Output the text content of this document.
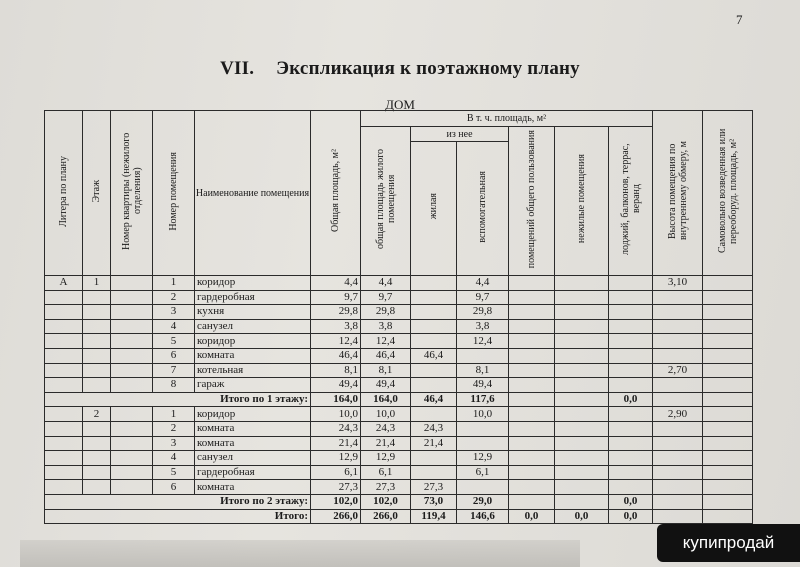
7
VII. Экспликация к поэтажному плану
ДОМ
Литера по плану	Этаж	Номер квартиры (нежилого отделения)	Номер помещения	Наименование помещения	Общая площадь, м²	В т. ч. площадь, м²						Высота помещения по внутреннему обмеру, м	Самовольно возведенная или переоборуд. площадь, м²
						общая площадь жилого помещения	из нее		помещений общего пользования	нежилые помещения	лоджий, балконов, террас, веранд		
							жилая	вспомогательная					
А	1		1	коридор	4,4	4,4		4,4				3,10	
			2	гардеробная	9,7	9,7		9,7					
			3	кухня	29,8	29,8		29,8					
			4	санузел	3,8	3,8		3,8					
			5	коридор	12,4	12,4		12,4					
			6	комната	46,4	46,4	46,4						
			7	котельная	8,1	8,1		8,1				2,70	
			8	гараж	49,4	49,4		49,4					
Итого по 1 этажу:					164,0	164,0	46,4	117,6			0,0		
	2		1	коридор	10,0	10,0		10,0				2,90	
			2	комната	24,3	24,3	24,3						
			3	комната	21,4	21,4	21,4						
			4	санузел	12,9	12,9		12,9					
			5	гардеробная	6,1	6,1		6,1					
			6	комната	27,3	27,3	27,3						
Итого по 2 этажу:					102,0	102,0	73,0	29,0			0,0		
Итого:					266,0	266,0	119,4	146,6	0,0	0,0	0,0		
купипродай
